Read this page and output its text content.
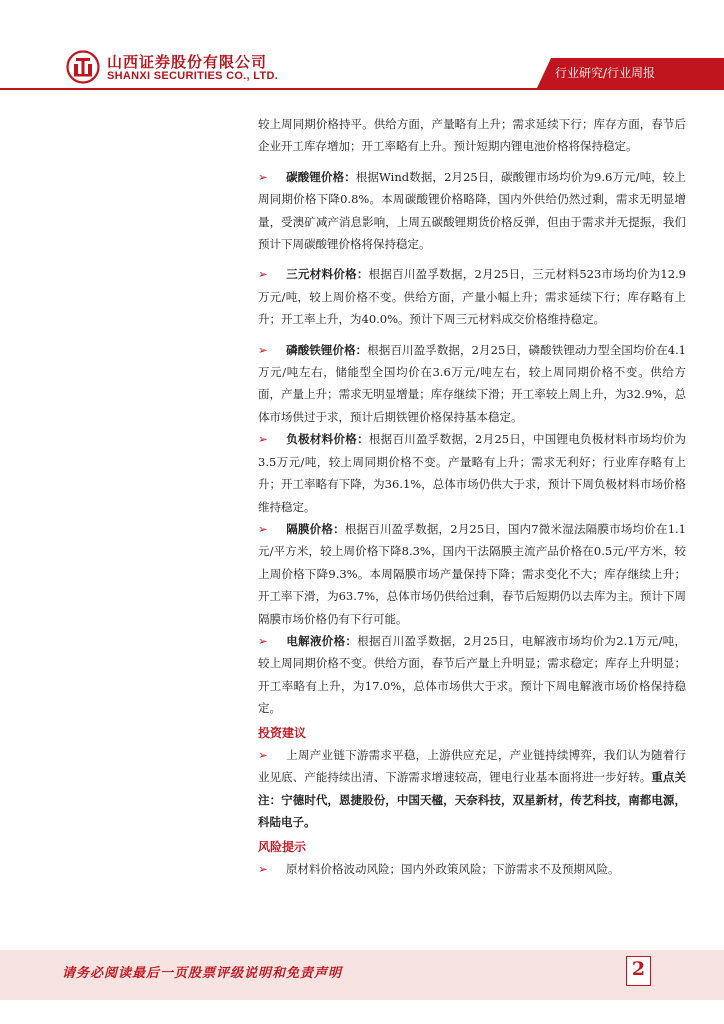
山西证券股份有限公司
SHANXI SECURITIES CO., LTD.	行业研究/行业周报

较上周同期价格持平。供给方面，产量略有上升；需求延续下行；库存方面，春节后企业开工库存增加；开工率略有上升。预计短期内锂电池价格将保持稳定。

➢ 碳酸锂价格：根据Wind数据，2月25日，碳酸锂市场均价为9.6万元/吨，较上周同期价格下降0.8%。本周碳酸锂价格略降，国内外供给仍然过剩，需求无明显增量，受澳矿减产消息影响，上周五碳酸锂期货价格反弹，但由于需求并无提振，我们预计下周碳酸锂价格将保持稳定。

➢ 三元材料价格：根据百川盈孚数据，2月25日，三元材料523市场均价为12.9万元/吨，较上周价格不变。供给方面，产量小幅上升；需求延续下行；库存略有上升；开工率上升，为40.0%。预计下周三元材料成交价格维持稳定。

➢ 磷酸铁锂价格：根据百川盈孚数据，2月25日，磷酸铁锂动力型全国均价在4.1万元/吨左右，储能型全国均价在3.6万元/吨左右，较上周同期价格不变。供给方面，产量上升；需求无明显增量；库存继续下滑；开工率较上周上升，为32.9%，总体市场供过于求，预计后期铁锂价格保持基本稳定。

➢ 负极材料价格：根据百川盈孚数据，2月25日，中国锂电负极材料市场均价为3.5万元/吨，较上周同期价格不变。产量略有上升；需求无利好；行业库存略有上升；开工率略有下降，为36.1%，总体市场仍供大于求，预计下周负极材料市场价格维持稳定。

➢ 隔膜价格：根据百川盈孚数据，2月25日，国内7微米湿法隔膜市场均价在1.1元/平方米，较上周价格下降8.3%，国内干法隔膜主流产品价格在0.5元/平方米，较上周价格下降9.3%。本周隔膜市场产量保持下降；需求变化不大；库存继续上升；开工率下滑，为63.7%，总体市场仍供给过剩，春节后短期仍以去库为主。预计下周隔膜市场价格仍有下行可能。

➢ 电解液价格：根据百川盈孚数据，2月25日，电解液市场均价为2.1万元/吨，较上周同期价格不变。供给方面，春节后产量上升明显；需求稳定；库存上升明显；开工率略有上升，为17.0%，总体市场供大于求。预计下周电解液市场价格保持稳定。

投资建议

➢ 上周产业链下游需求平稳，上游供应充足，产业链持续博弈，我们认为随着行业见底、产能持续出清、下游需求增速较高，锂电行业基本面将进一步好转。重点关注：宁德时代，恩捷股份，中国天楹，天奈科技，双星新材，传艺科技，南都电源，科陆电子。

风险提示

➢ 原材料价格波动风险；国内外政策风险；下游需求不及预期风险。

请务必阅读最后一页股票评级说明和免责声明	2
